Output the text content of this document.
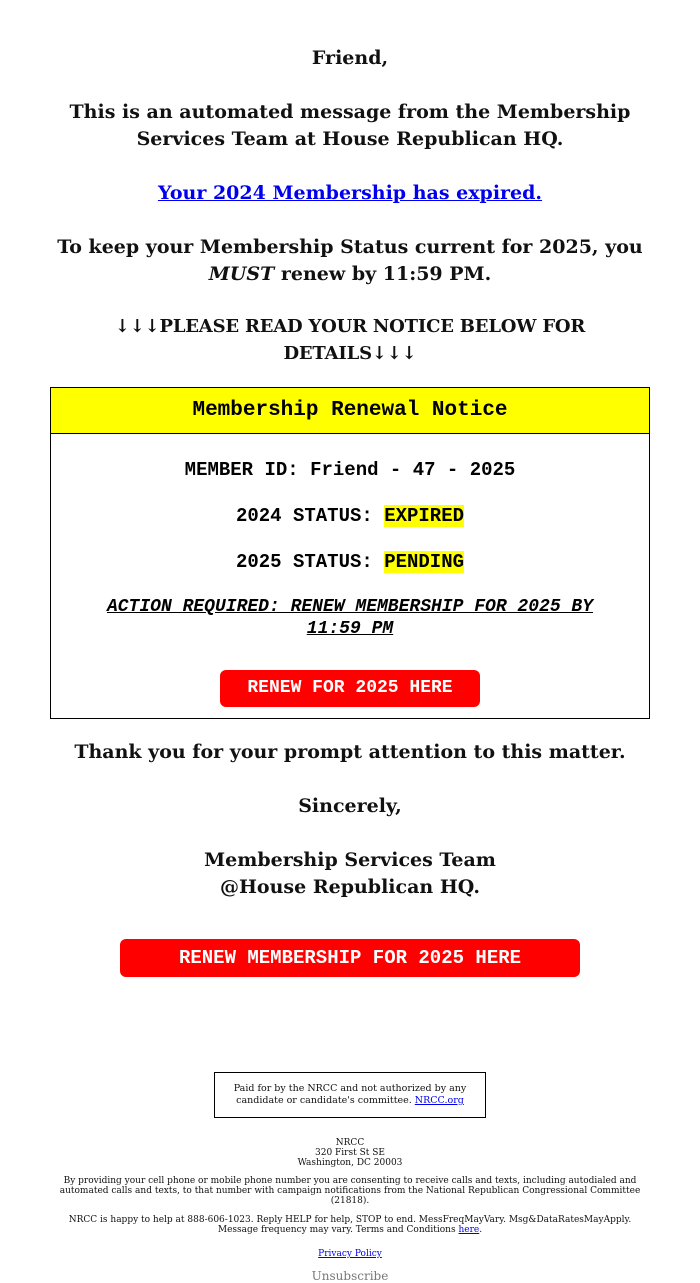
Friend,

This is an automated message from the Membership Services Team at House Republican HQ.

Your 2024 Membership has expired.

To keep your Membership Status current for 2025, you MUST renew by 11:59 PM.

↓↓↓PLEASE READ YOUR NOTICE BELOW FOR DETAILS↓↓↓

Membership Renewal Notice

MEMBER ID: Friend - 47 - 2025

2024 STATUS: EXPIRED

2025 STATUS: PENDING

ACTION REQUIRED: RENEW MEMBERSHIP FOR 2025 BY 11:59 PM

RENEW FOR 2025 HERE

Thank you for your prompt attention to this matter.

Sincerely,

Membership Services Team

@House Republican HQ.

RENEW MEMBERSHIP FOR 2025 HERE
Paid for by the NRCC and not authorized by any candidate or candidate's committee. NRCC.org

NRCC

320 First St SE

Washington, DC 20003

By providing your cell phone or mobile phone number you are consenting to receive calls and texts, including autodialed and automated calls and texts, to that number with campaign notifications from the National Republican Congressional Committee (21818).

NRCC is happy to help at 888-606-1023. Reply HELP for help, STOP to end. MessFreqMayVary. Msg&DataRatesMayApply. Message frequency may vary. Terms and Conditions here.

Privacy Policy

Unsubscribe
